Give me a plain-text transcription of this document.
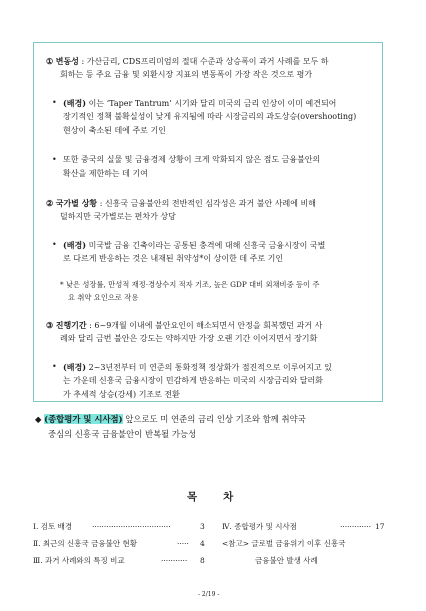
① 변동성 : 가산금리, CDS프리미엄의 절대 수준과 상승폭이 과거 사례를 모두 하
회하는 등 주요 금융 및 외환시장 지표의 변동폭이 가장 작은 것으로 평가
• (배경) 이는 ‘Taper Tantrum’ 시기와 달리 미국의 금리 인상이 이미 예견되어
장기적인 정책 불확실성이 낮게 유지됨에 따라 시장금리의 과도상승(overshooting)
현상이 축소된 데에 주로 기인
• 또한 중국의 실물 및 금융경제 상황이 크게 악화되지 않은 점도 금융불안의
확산을 제한하는 데 기여
② 국가별 상황 : 신흥국 금융불안의 전반적인 심각성은 과거 불안 사례에 비해
덜하지만 국가별로는 편차가 상당
• (배경) 미국발 금융 긴축이라는 공통된 충격에 대해 신흥국 금융시장이 국별
로 다르게 반응하는 것은 내재된 취약성*이 상이한 데 주로 기인
* 낮은 성장률, 만성적 재정·경상수지 적자 기조, 높은 GDP 대비 외채비중 등이 주
요 취약 요인으로 작용
③ 진행기간 : 6~9개월 이내에 불안요인이 해소되면서 안정을 회복했던 과거 사
례와 달리 금번 불안은 강도는 약하지만 가장 오랜 기간 이어지면서 장기화
• (배경) 2~3년전부터 미 연준의 통화정책 정상화가 점진적으로 이루어지고 있
는 가운데 신흥국 금융시장이 민감하게 반응하는 미국의 시장금리와 달러화
가 추세적 상승(강세) 기조로 전환
◆ (종합평가 및 시사점) 앞으로도 미 연준의 금리 인상 기조와 함께 취약국
중심의 신흥국 금융불안이 반복될 가능성
목차
Ⅰ. 검토 배경	·································	3
Ⅱ. 최근의 신흥국 금융불안 현황	····· 4
Ⅲ. 과거 사례와의 특징 비교	··········· 8
Ⅳ. 종합평가 및 시사점	············· 17
<참고> 글로벌 금융위기 이후 신흥국
금융불안 발생 사례
- 2/19 -
